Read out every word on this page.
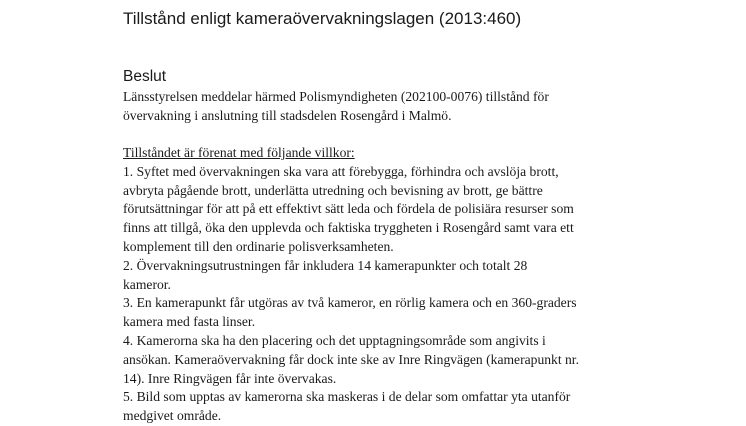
Tillstånd enligt kameraövervakningslagen (2013:460)
Beslut

Länsstyrelsen meddelar härmed Polismyndigheten (202100-0076) tillstånd för
övervakning i anslutning till stadsdelen Rosengård i Malmö.

Tillståndet är förenat med följande villkor:
1. Syftet med övervakningen ska vara att förebygga, förhindra och avslöja brott,
avbryta pågående brott, underlätta utredning och bevisning av brott, ge bättre
förutsättningar för att på ett effektivt sätt leda och fördela de polisiära resurser som
finns att tillgå, öka den upplevda och faktiska tryggheten i Rosengård samt vara ett
komplement till den ordinarie polisverksamheten.
2. Övervakningsutrustningen får inkludera 14 kamerapunkter och totalt 28
kameror.
3. En kamerapunkt får utgöras av två kameror, en rörlig kamera och en 360-graders
kamera med fasta linser.
4. Kamerorna ska ha den placering och det upptagningsområde som angivits i
ansökan. Kameraövervakning får dock inte ske av Inre Ringvägen (kamerapunkt nr.
14). Inre Ringvägen får inte övervakas.
5. Bild som upptas av kamerorna ska maskeras i de delar som omfattar yta utanför
medgivet område.
